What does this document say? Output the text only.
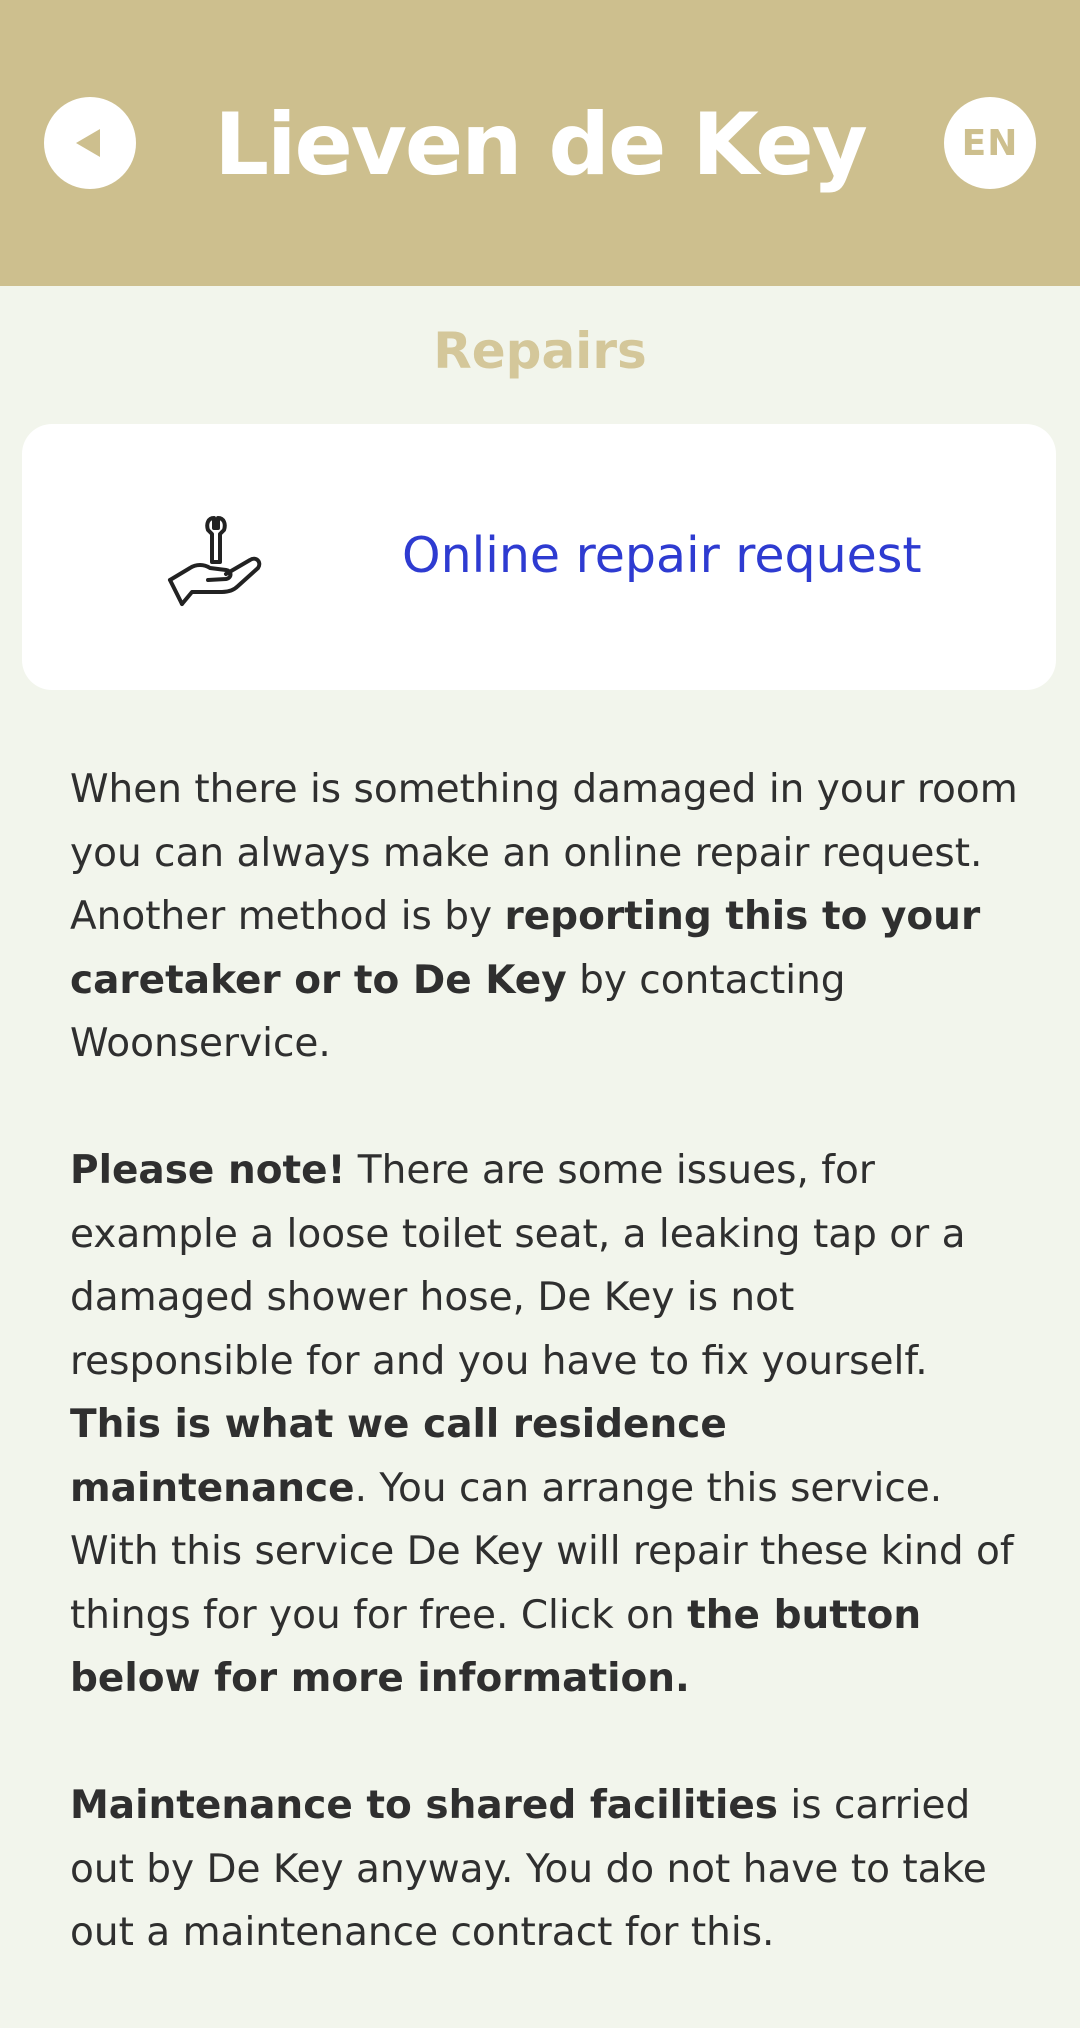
Lieven de Key	EN
Repairs
Online repair request

When there is something damaged in your room you can always make an online repair request. Another method is by reporting this to your caretaker or to De Key by contacting Woonservice.

Please note! There are some issues, for example a loose toilet seat, a leaking tap or a damaged shower hose, De Key is not responsible for and you have to fix yourself. This is what we call residence maintenance. You can arrange this service. With this service De Key will repair these kind of things for you for free. Click on the button below for more information.

Maintenance to shared facilities is carried out by De Key anyway. You do not have to take out a maintenance contract for this.
